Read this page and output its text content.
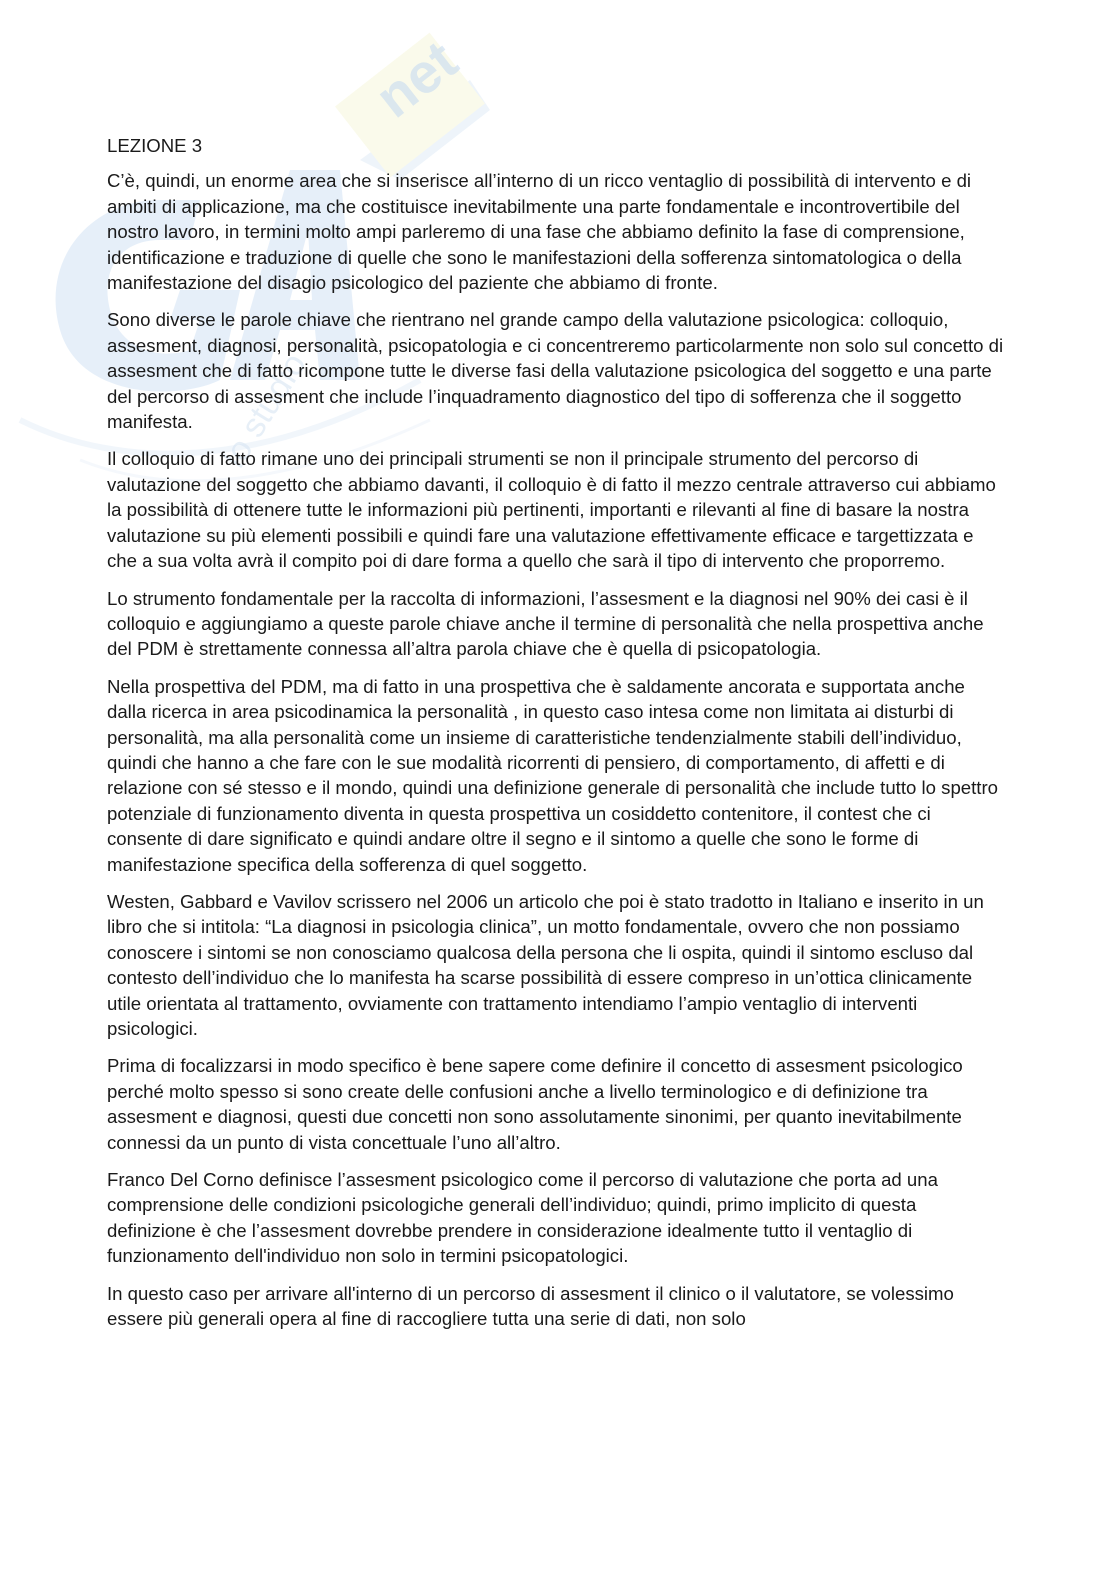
net
lo studio

LEZIONE 3

C’è, quindi, un enorme area che si inserisce all’interno di un ricco ventaglio di possibilità di intervento e di ambiti di applicazione, ma che costituisce inevitabilmente una parte fondamentale e incontrovertibile del nostro lavoro, in termini molto ampi parleremo di una fase che abbiamo definito la fase di comprensione, identificazione e traduzione di quelle che sono le manifestazioni della sofferenza sintomatologica o della manifestazione del disagio psicologico del paziente che abbiamo di fronte.

Sono diverse le parole chiave che rientrano nel grande campo della valutazione psicologica: colloquio, assesment, diagnosi, personalità, psicopatologia e ci concentreremo particolarmente non solo sul concetto di assesment che di fatto ricompone tutte le diverse fasi della valutazione psicologica del soggetto e una parte del percorso di assesment che include l’inquadramento diagnostico del tipo di sofferenza che il soggetto manifesta.

Il colloquio di fatto rimane uno dei principali strumenti se non il principale strumento del percorso di valutazione del soggetto che abbiamo davanti, il colloquio è di fatto il mezzo centrale attraverso cui abbiamo la possibilità di ottenere tutte le informazioni più pertinenti, importanti e rilevanti al fine di basare la nostra valutazione su più elementi possibili e quindi fare una valutazione effettivamente efficace e targettizzata e che a sua volta avrà il compito poi di dare forma a quello che sarà il tipo di intervento che proporremo.

Lo strumento fondamentale per la raccolta di informazioni, l’assesment e la diagnosi nel 90% dei casi è il colloquio e aggiungiamo a queste parole chiave anche il termine di personalità che nella prospettiva anche del PDM è strettamente connessa all’altra parola chiave che è quella di psicopatologia.

Nella prospettiva del PDM, ma di fatto in una prospettiva che è saldamente ancorata e supportata anche dalla ricerca in area psicodinamica la personalità , in questo caso intesa come non limitata ai disturbi di personalità, ma alla personalità come un insieme di caratteristiche tendenzialmente stabili dell’individuo, quindi che hanno a che fare con le sue modalità ricorrenti di pensiero, di comportamento, di affetti e di relazione con sé stesso e il mondo, quindi una definizione generale di personalità che include tutto lo spettro potenziale di funzionamento diventa in questa prospettiva un cosiddetto contenitore, il contest che ci consente di dare significato e quindi andare oltre il segno e il sintomo a quelle che sono le forme di manifestazione specifica della sofferenza di quel soggetto.

Westen, Gabbard e Vavilov scrissero nel 2006 un articolo che poi è stato tradotto in Italiano e inserito in un libro che si intitola: “La diagnosi in psicologia clinica”, un motto fondamentale, ovvero che non possiamo conoscere i sintomi se non conosciamo qualcosa della persona che li ospita, quindi il sintomo escluso dal contesto dell’individuo che lo manifesta ha scarse possibilità di essere compreso in un’ottica clinicamente utile orientata al trattamento, ovviamente con trattamento intendiamo l’ampio ventaglio di interventi psicologici.

Prima di focalizzarsi in modo specifico è bene sapere come definire il concetto di assesment psicologico perché molto spesso si sono create delle confusioni anche a livello terminologico e di definizione tra assesment e diagnosi, questi due concetti non sono assolutamente sinonimi, per quanto inevitabilmente connessi da un punto di vista concettuale l’uno all’altro.

Franco Del Corno definisce l’assesment psicologico come il percorso di valutazione che porta ad una comprensione delle condizioni psicologiche generali dell’individuo; quindi, primo implicito di questa definizione è che l’assesment dovrebbe prendere in considerazione idealmente tutto il ventaglio di funzionamento dell'individuo non solo in termini psicopatologici.

In questo caso per arrivare all'interno di un percorso di assesment il clinico o il valutatore, se volessimo essere più generali opera al fine di raccogliere tutta una serie di dati, non solo
